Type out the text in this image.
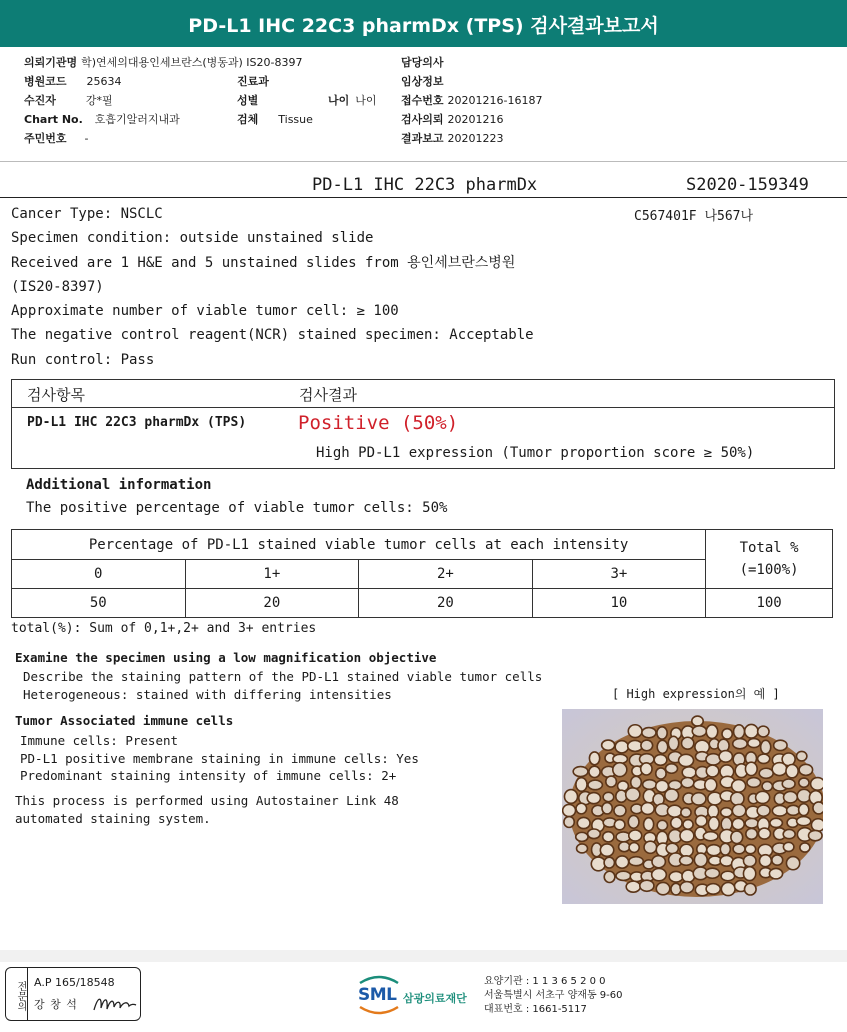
PD-L1 IHC 22C3 pharmDx (TPS) 검사결과보고서
의뢰기관명 학)연세의대용인세브란스(병동과) IS20-8397
병원코드 25634
수진자	강*필
Chart No. 호흡기알러지내과
주민번호 -
진료과
성별
검체 Tissue
나이 나이
담당의사
임상정보
접수번호 20201216-16187
검사의뢰 20201216
결과보고 20201223
PD-L1 IHC 22C3 pharmDx	S2020-159349
C567401F 나567나
Cancer Type: NSCLC
Specimen condition: outside unstained slide
Received are 1 H&E and 5 unstained slides from 용인세브란스병원
(IS20-8397)
Approximate number of viable tumor cell: ≥ 100
The negative control reagent(NCR) stained specimen: Acceptable
Run control: Pass
검사항목	검사결과
PD-L1 IHC 22C3 pharmDx (TPS)	Positive (50%)
High PD-L1 expression (Tumor proportion score ≥ 50%)
Additional information
The positive percentage of viable tumor cells: 50%
Percentage of PD-L1 stained viable tumor cells at each intensity				Total %
(=100%)

0	1+	2+	3+	
50	20	20	10	100
total(%): Sum of 0,1+,2+ and 3+ entries
Examine the specimen using a low magnification objective
Describe the staining pattern of the PD-L1 stained viable tumor cells
Heterogeneous: stained with differing intensities
Tumor Associated immune cells
Immune cells: Present
PD-L1 positive membrane staining in immune cells: Yes
Predominant staining intensity of immune cells: 2+
This process is performed using Autostainer Link 48
automated staining system.
[ High expression의 예 ]
전문의 A.P 165/18548
강 창 석	SML 삼광의료재단
요양기관 : 1 1 3 6 5 2 0 0
서울특별시 서초구 양재동 9-60
대표번호 : 1661-5117
